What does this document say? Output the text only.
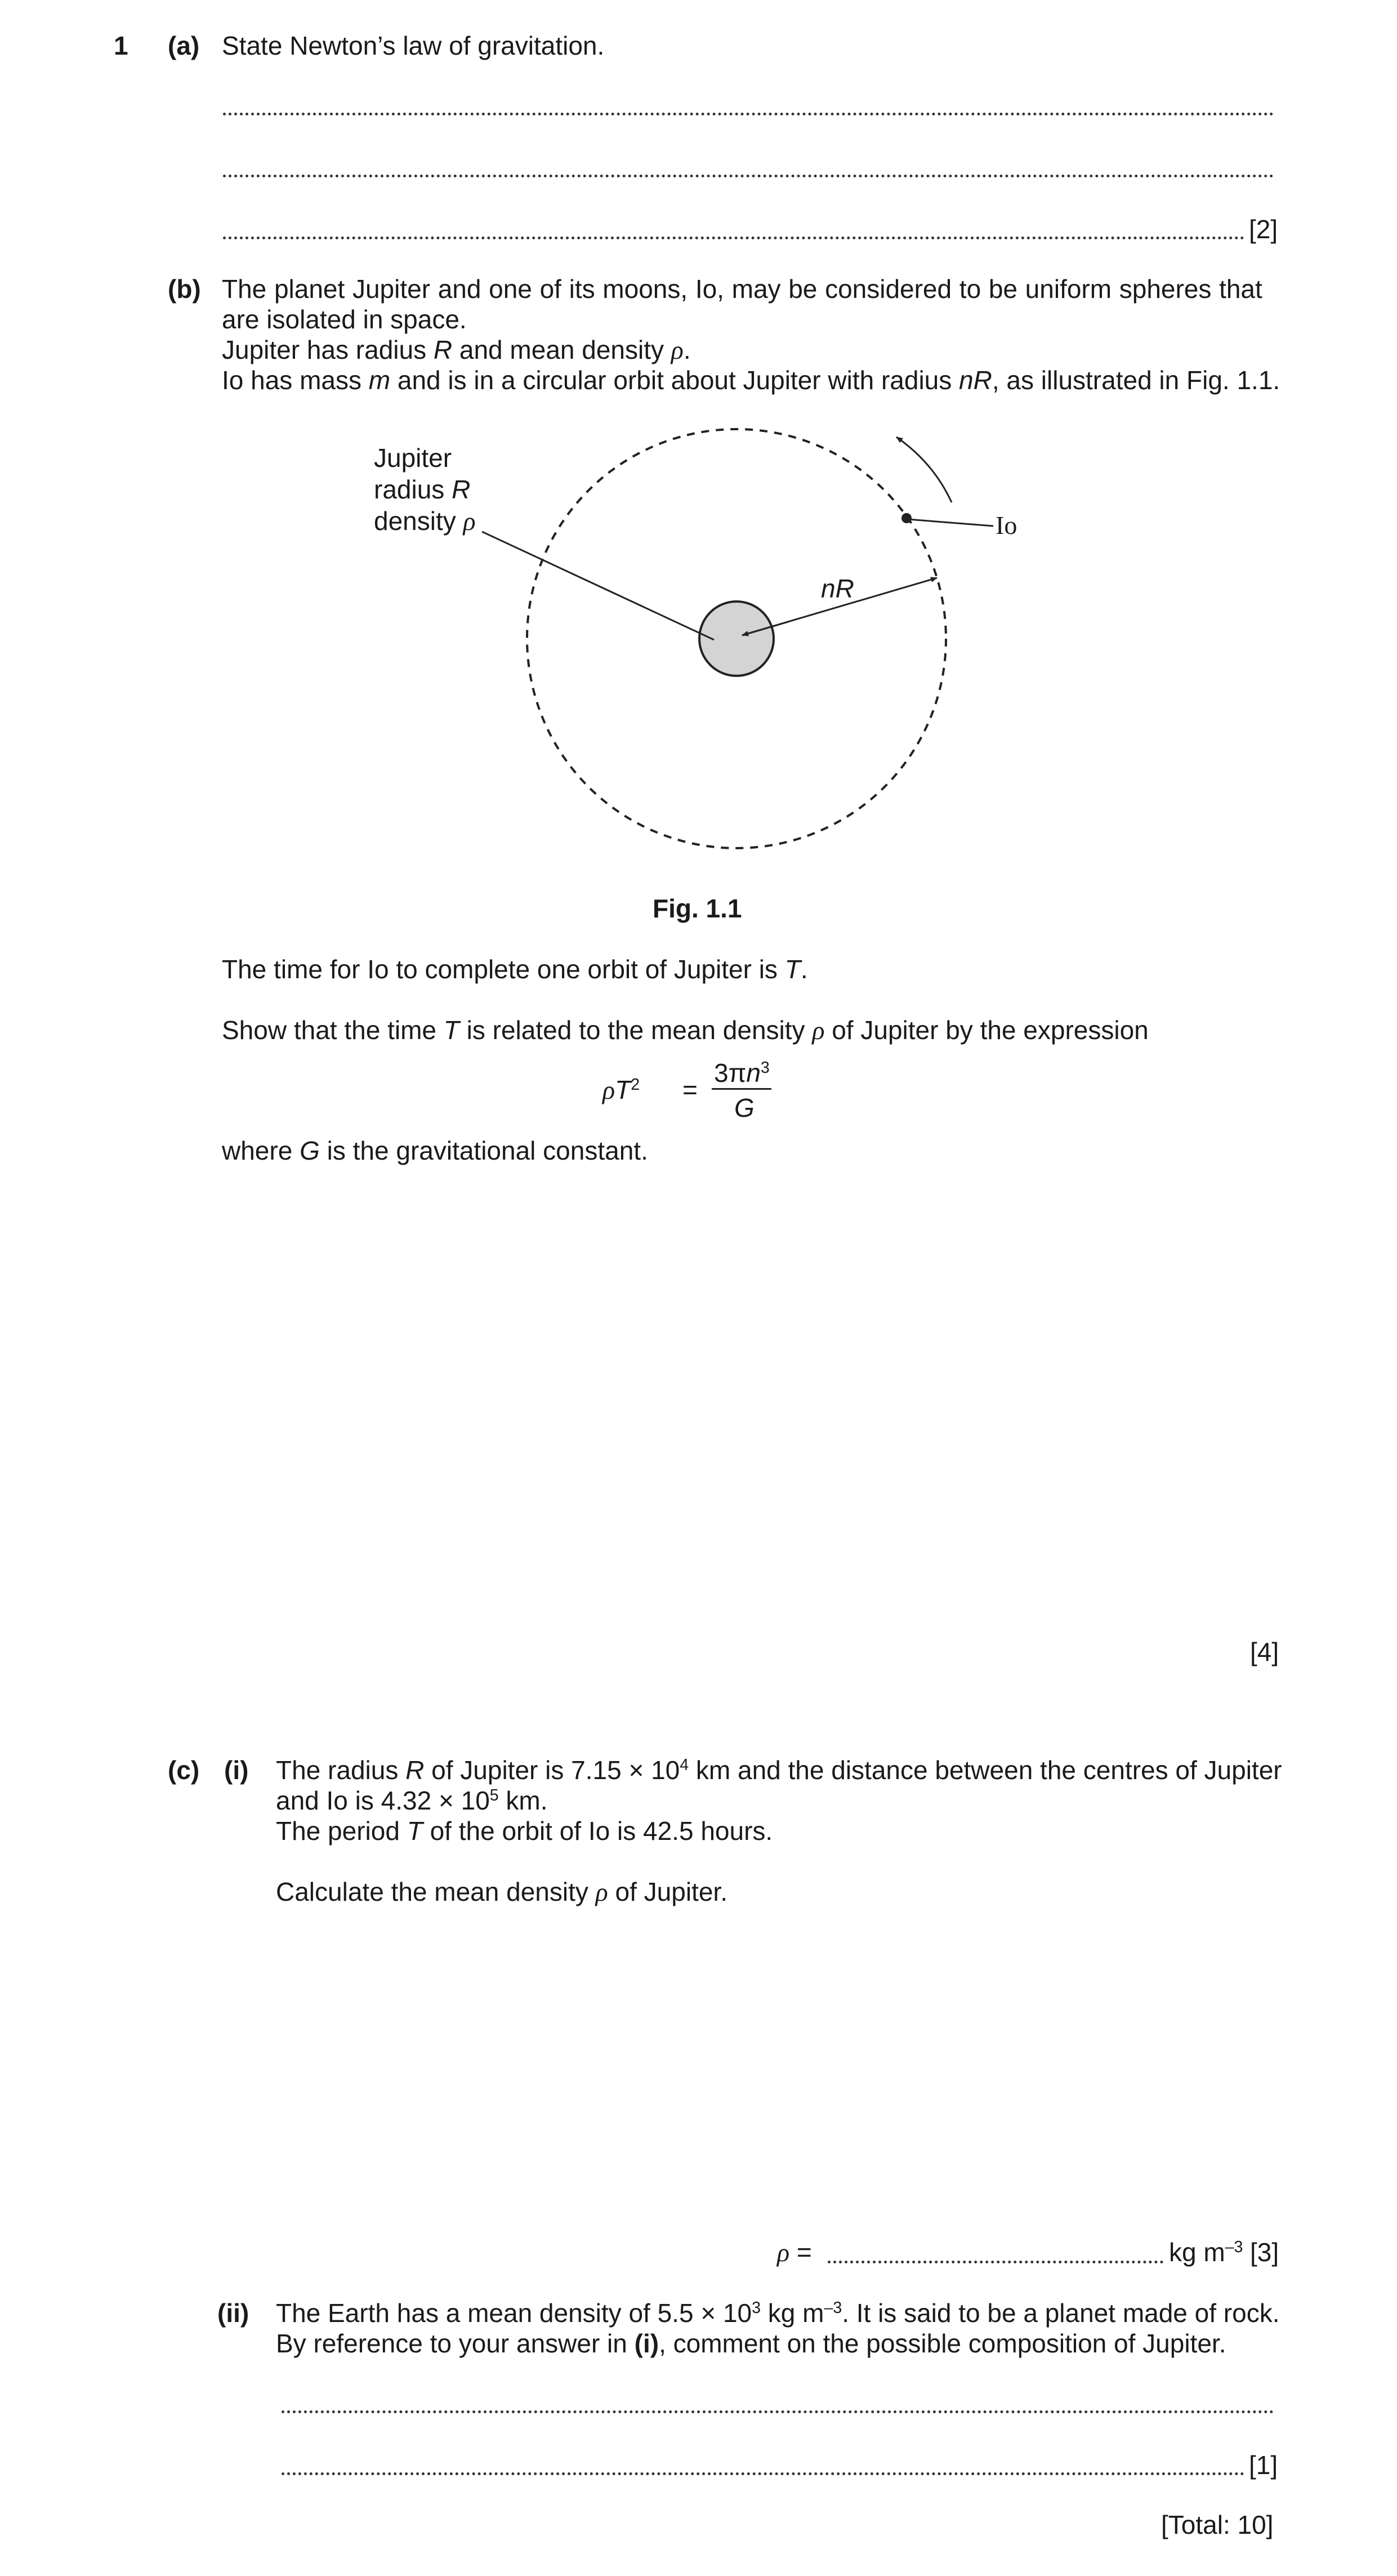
1 (a) State Newton’s law of gravitation.
[2]
(b) The planet Jupiter and one of its moons, Io, may be considered to be uniform spheres that
are isolated in space.
Jupiter has radius R and mean density ρ.
Io has mass m and is in a circular orbit about Jupiter with radius nR, as illustrated in Fig. 1.1.
Jupiter
radius R
density ρ	Io
nR
Fig. 1.1
The time for Io to complete one orbit of Jupiter is T.
Show that the time T is related to the mean density ρ of Jupiter by the expression
$\rho T^2$ =
$3\pi n^3$
G
where G is the gravitational constant.
[4]
(c) (i) The radius R of Jupiter is $7.15 \times 10^4$ km and the distance between the centres of Jupiter
and Io is $4.32 \times 10^5$ km.
The period T of the orbit of Io is 42.5 hours.
Calculate the mean density ρ of Jupiter.
ρ =	kg $m^{-3}$ [3]
(ii) The Earth has a mean density of $5.5 \times 10^3$ kg $m^{-3}$. It is said to be a planet made of rock.
By reference to your answer in (i), comment on the possible composition of Jupiter.
[1]
[Total: 10]
